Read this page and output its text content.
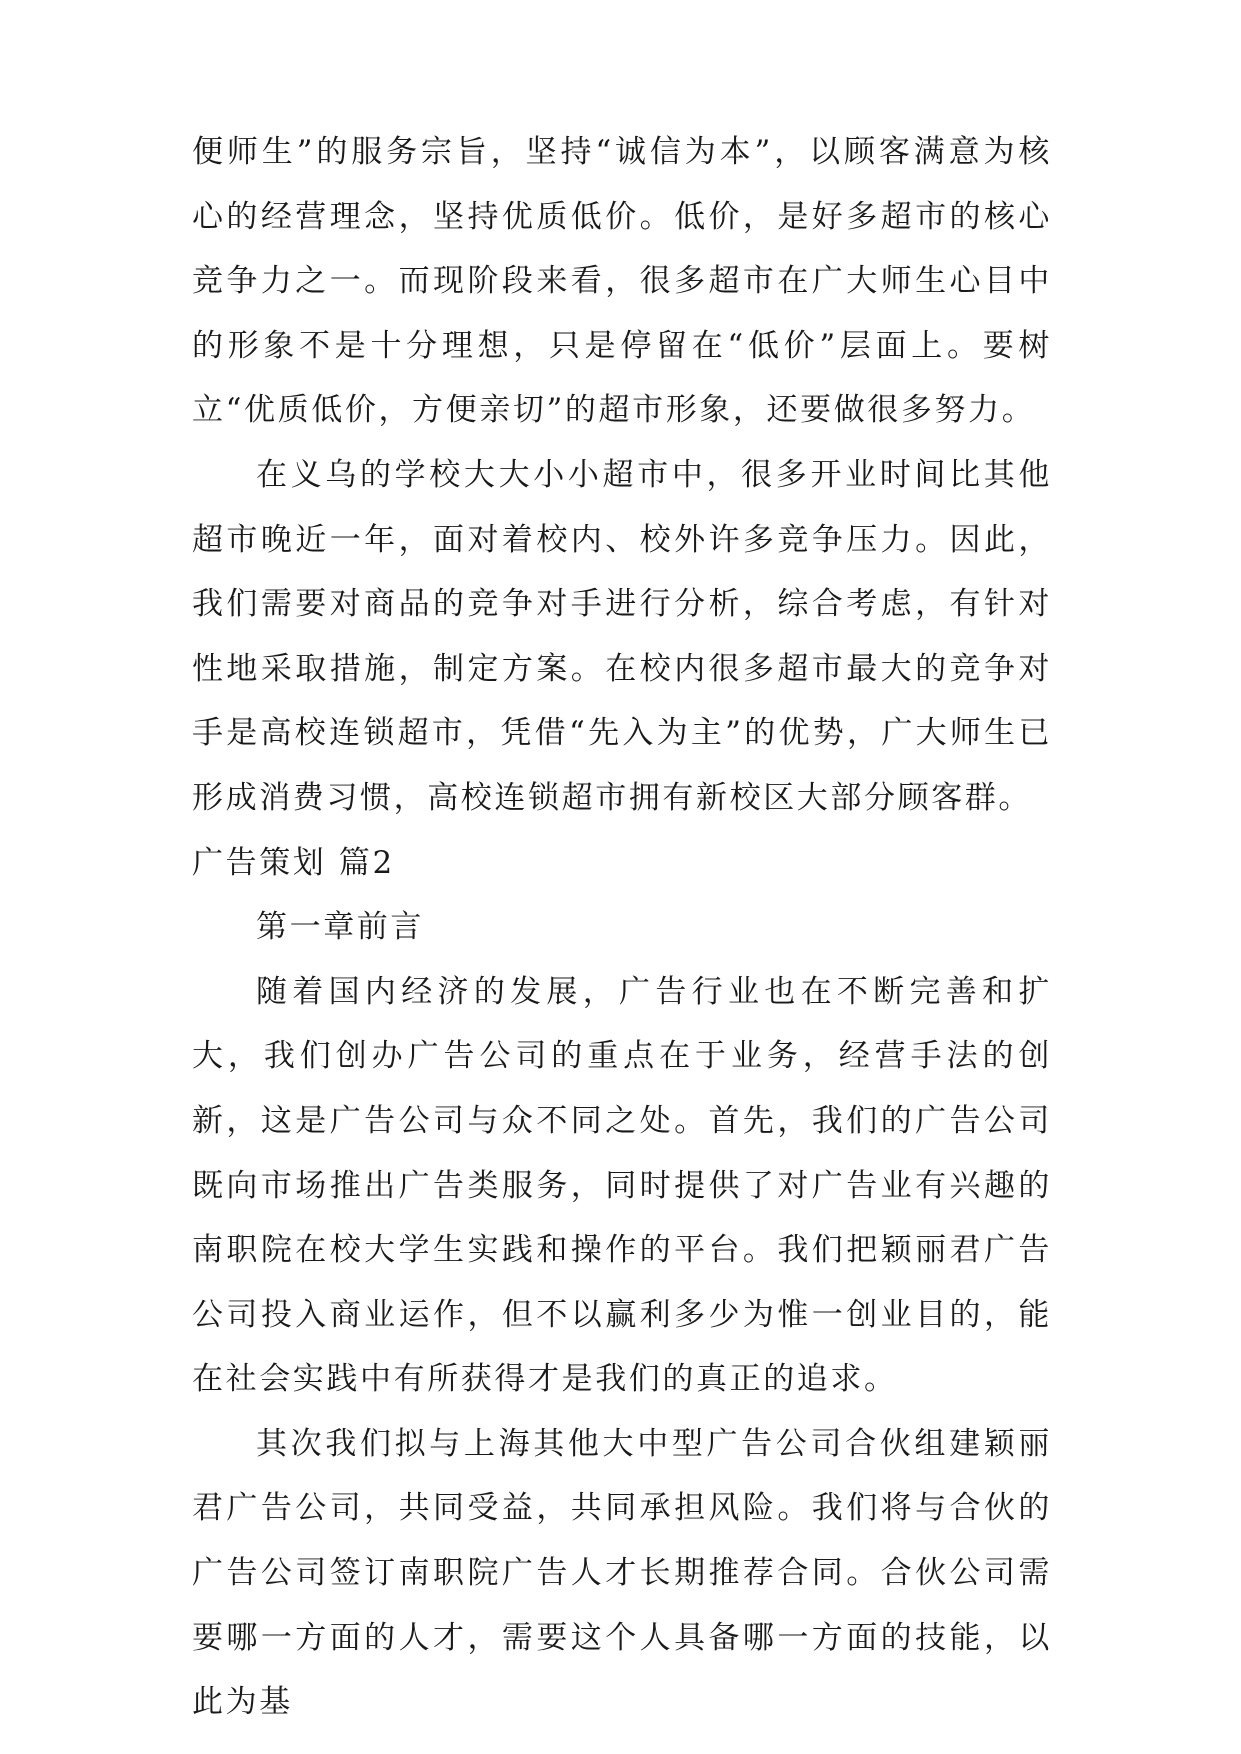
便师生”的服务宗旨，坚持“诚信为本”，以顾客满意为核心的经营理念，坚持优质低价。低价，是好多超市的核心竞争力之一。而现阶段来看，很多超市在广大师生心目中的形象不是十分理想，只是停留在“低价”层面上。要树立“优质低价，方便亲切”的超市形象，还要做很多努力。

在义乌的学校大大小小超市中，很多开业时间比其他超市晚近一年，面对着校内、校外许多竞争压力。因此，我们需要对商品的竞争对手进行分析，综合考虑，有针对性地采取措施，制定方案。在校内很多超市最大的竞争对手是高校连锁超市，凭借“先入为主”的优势，广大师生已形成消费习惯，高校连锁超市拥有新校区大部分顾客群。

广告策划 篇2

第一章前言

随着国内经济的发展，广告行业也在不断完善和扩大，我们创办广告公司的重点在于业务，经营手法的创新，这是广告公司与众不同之处。首先，我们的广告公司既向市场推出广告类服务，同时提供了对广告业有兴趣的南职院在校大学生实践和操作的平台。我们把颖丽君广告公司投入商业运作，但不以赢利多少为惟一创业目的，能在社会实践中有所获得才是我们的真正的追求。

其次我们拟与上海其他大中型广告公司合伙组建颖丽君广告公司，共同受益，共同承担风险。我们将与合伙的广告公司签订南职院广告人才长期推荐合同。合伙公司需要哪一方面的人才，需要这个人具备哪一方面的技能，以此为基
